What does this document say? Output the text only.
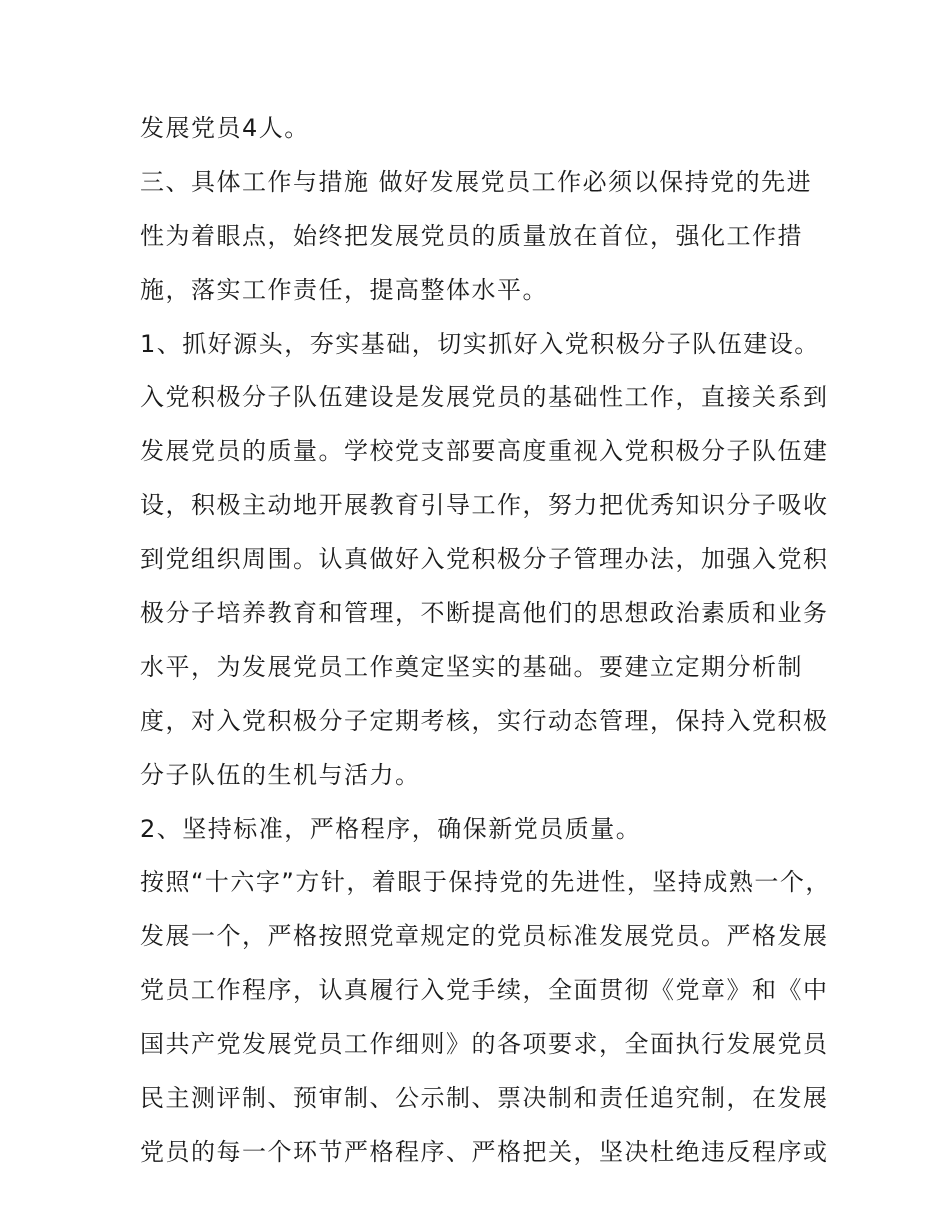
发展党员4人。
三、具体工作与措施 做好发展党员工作必须以保持党的先进
性为着眼点，始终把发展党员的质量放在首位，强化工作措
施，落实工作责任，提高整体水平。
1、抓好源头，夯实基础，切实抓好入党积极分子队伍建设。
入党积极分子队伍建设是发展党员的基础性工作，直接关系到
发展党员的质量。学校党支部要高度重视入党积极分子队伍建
设，积极主动地开展教育引导工作，努力把优秀知识分子吸收
到党组织周围。认真做好入党积极分子管理办法，加强入党积
极分子培养教育和管理，不断提高他们的思想政治素质和业务
水平，为发展党员工作奠定坚实的基础。要建立定期分析制
度，对入党积极分子定期考核，实行动态管理，保持入党积极
分子队伍的生机与活力。
2、坚持标准，严格程序，确保新党员质量。
按照“十六字”方针，着眼于保持党的先进性，坚持成熟一个，
发展一个，严格按照党章规定的党员标准发展党员。严格发展
党员工作程序，认真履行入党手续，全面贯彻《党章》和《中
国共产党发展党员工作细则》的各项要求，全面执行发展党员
民主测评制、预审制、公示制、票决制和责任追究制，在发展
党员的每一个环节严格程序、严格把关，坚决杜绝违反程序或
